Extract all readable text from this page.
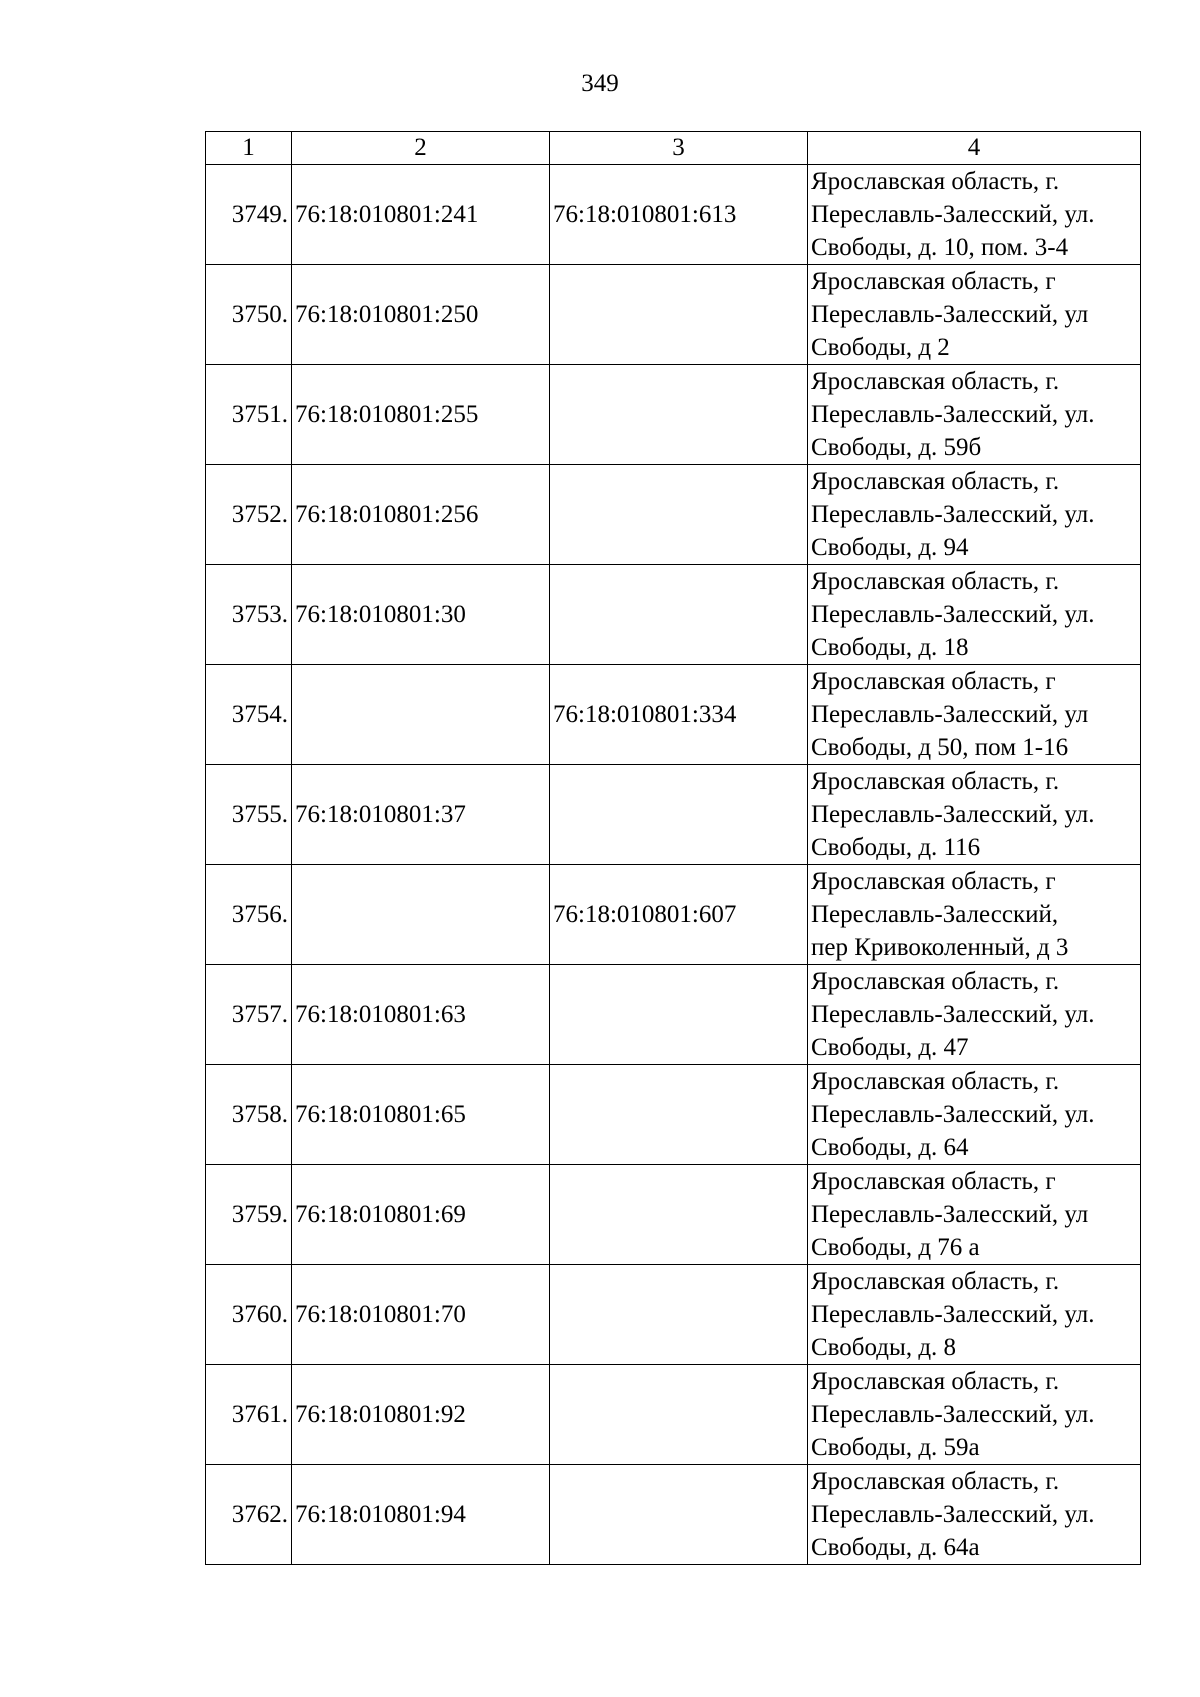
349
1	2	3	4
3749.	76:18:010801:241	76:18:010801:613	Ярославская область, г.
Переславль-Залесский, ул.
Свободы, д. 10, пом. 3-4

3750.	76:18:010801:250		Ярославская область, г
Переславль-Залесский, ул
Свободы, д 2

3751.	76:18:010801:255		Ярославская область, г.
Переславль-Залесский, ул.
Свободы, д. 59б

3752.	76:18:010801:256		Ярославская область, г.
Переславль-Залесский, ул.
Свободы, д. 94

3753.	76:18:010801:30		Ярославская область, г.
Переславль-Залесский, ул.
Свободы, д. 18

3754.		76:18:010801:334	Ярославская область, г
Переславль-Залесский, ул
Свободы, д 50, пом 1-16

3755.	76:18:010801:37		Ярославская область, г.
Переславль-Залесский, ул.
Свободы, д. 116

3756.		76:18:010801:607	Ярославская область, г
Переславль-Залесский,
пер Кривоколенный, д 3

3757.	76:18:010801:63		Ярославская область, г.
Переславль-Залесский, ул.
Свободы, д. 47

3758.	76:18:010801:65		Ярославская область, г.
Переславль-Залесский, ул.
Свободы, д. 64

3759.	76:18:010801:69		Ярославская область, г
Переславль-Залесский, ул
Свободы, д 76 а

3760.	76:18:010801:70		Ярославская область, г.
Переславль-Залесский, ул.
Свободы, д. 8

3761.	76:18:010801:92		Ярославская область, г.
Переславль-Залесский, ул.
Свободы, д. 59а

3762.	76:18:010801:94		Ярославская область, г.
Переславль-Залесский, ул.
Свободы, д. 64а
